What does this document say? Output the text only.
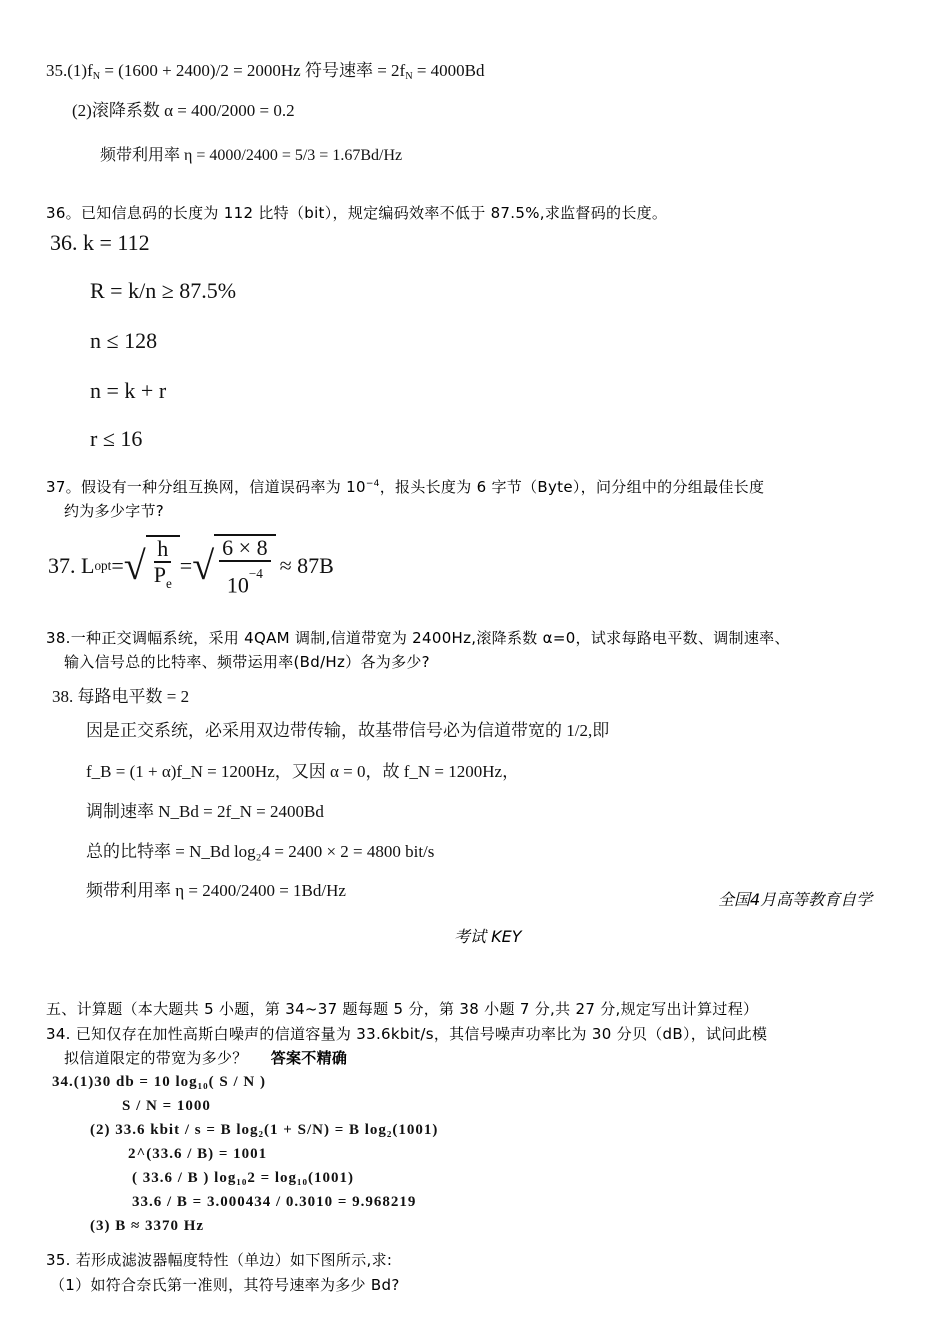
35.(1)fN = (1600 + 2400)/2 = 2000Hz 符号速率 = 2fN = 4000Bd
(2)滚降系数 α = 400/2000 = 0.2
频带利用率 η = 4000/2400 = 5/3 = 1.67Bd/Hz
36。已知信息码的长度为 112 比特（bit），规定编码效率不低于 87.5%,求监督码的长度。
36. k = 112
R = k/n ≥ 87.5%
n ≤ 128
n = k + r
r ≤ 16
37。假设有一种分组互换网，信道误码率为 $10^{-4}$，报头长度为 6 字节（Byte），问分组中的分组最佳长度
约为多少字节?
37. L opt = √ $\frac{h}{P_e}$ = √ $\frac{6 \times 8}{10^{-4}} \approx 87B$
38.一种正交调幅系统，采用 4QAM 调制,信道带宽为 2400Hz,滚降系数 α=0，试求每路电平数、调制速率、
输入信号总的比特率、频带运用率(Bd/Hz）各为多少?
38. 每路电平数 = 2
因是正交系统，必采用双边带传输，故基带信号必为信道带宽的 1/2,即
f_B = (1 + α)f_N = 1200Hz，又因 α = 0，故 f_N = 1200Hz，
调制速率 N_Bd = 2f_N = 2400Bd
总的比特率 = N_Bd log₂4 = 2400 × 2 = 4800 bit/s
频带利用率 η = 2400/2400 = 1Bd/Hz	全国4月高等教育自学
考试 KEY
五、计算题（本大题共 5 小题，第 34~37 题每题 5 分，第 38 小题 7 分,共 27 分,规定写出计算过程）
34. 已知仅存在加性高斯白噪声的信道容量为 33.6kbit/s，其信号噪声功率比为 30 分贝（dB），试问此模
拟信道限定的带宽为多少？ 答案不精确
34.(1)30 db = 10 log₁₀( S / N )
S / N = 1000
(2) 33.6 kbit / s = B log₂(1 + S/N) = B log₂(1001)
2^(33.6 / B) = 1001
( 33.6 / B ) log₁₀2 = log₁₀(1001)
33.6 / B = 3.000434 / 0.3010 = 9.968219
(3) B ≈ 3370 Hz
35. 若形成滤波器幅度特性（单边）如下图所示,求:
（1）如符合奈氏第一准则，其符号速率为多少 Bd?
